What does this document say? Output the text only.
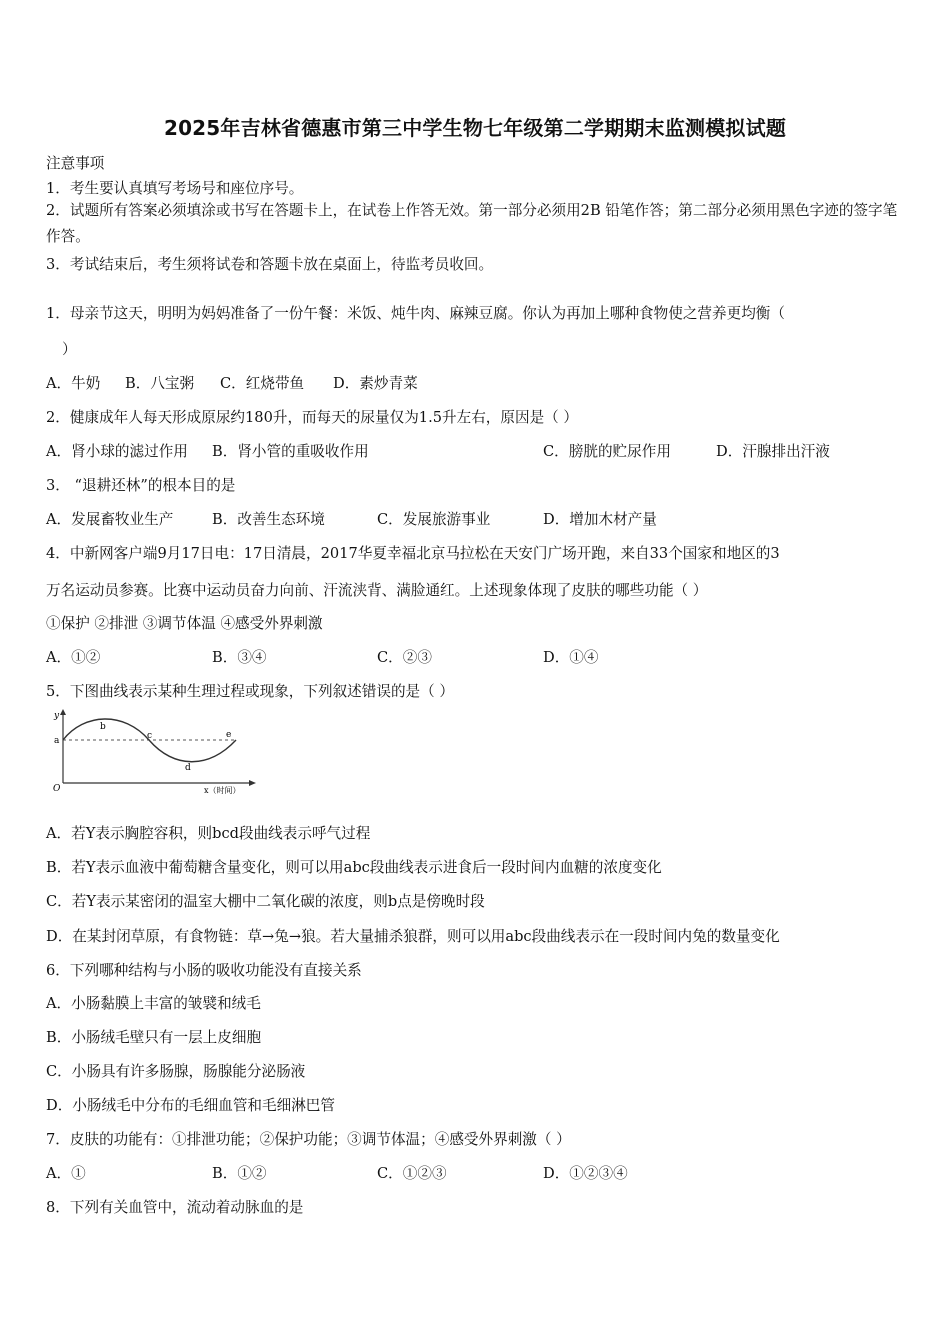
2025年吉林省德惠市第三中学生物七年级第二学期期末监测模拟试题
注意事项
1．考生要认真填写考场号和座位序号。
2．试题所有答案必须填涂或书写在答题卡上，在试卷上作答无效。第一部分必须用2B 铅笔作答；第二部分必须用黑色字迹的签字笔作答。
3．考试结束后，考生须将试卷和答题卡放在桌面上，待监考员收回。
1．母亲节这天，明明为妈妈准备了一份午餐：米饭、炖牛肉、麻辣豆腐。你认为再加上哪种食物使之营养更均衡（
）
A．牛奶 B．八宝粥 C．红烧带鱼 D．素炒青菜
2．健康成年人每天形成原尿约180升，而每天的尿量仅为1.5升左右，原因是（ ）
A．肾小球的滤过作用 B．肾小管的重吸收作用	C．膀胱的贮尿作用	D．汗腺排出汗液
3． “退耕还林”的根本目的是
A．发展畜牧业生产	B．改善生态环境	C．发展旅游事业	D．增加木材产量
4．中新网客户端9月17日电：17日清晨，2017华夏幸福北京马拉松在天安门广场开跑，来自33个国家和地区的3
万名运动员参赛。比赛中运动员奋力向前、汗流浃背、满脸通红。上述现象体现了皮肤的哪些功能（ ）
①保护 ②排泄 ③调节体温 ④感受外界刺激
A．①②	B．③④	C．②③	D．①④
5．下图曲线表示某种生理过程或现象，下列叙述错误的是（ ）
y
a
b
c
d
e
O	x（时间）
A．若Y表示胸腔容积，则bcd段曲线表示呼气过程
B．若Y表示血液中葡萄糖含量变化，则可以用abc段曲线表示进食后一段时间内血糖的浓度变化
C．若Y表示某密闭的温室大棚中二氧化碳的浓度，则b点是傍晚时段
D．在某封闭草原，有食物链：草→兔→狼。若大量捕杀狼群，则可以用abc段曲线表示在一段时间内兔的数量变化
6．下列哪种结构与小肠的吸收功能没有直接关系
A．小肠黏膜上丰富的皱襞和绒毛
B．小肠绒毛壁只有一层上皮细胞
C．小肠具有许多肠腺，肠腺能分泌肠液
D．小肠绒毛中分布的毛细血管和毛细淋巴管
7．皮肤的功能有：①排泄功能；②保护功能；③调节体温；④感受外界刺激（ ）
A．①	B．①②	C．①②③	D．①②③④
8．下列有关血管中，流动着动脉血的是
